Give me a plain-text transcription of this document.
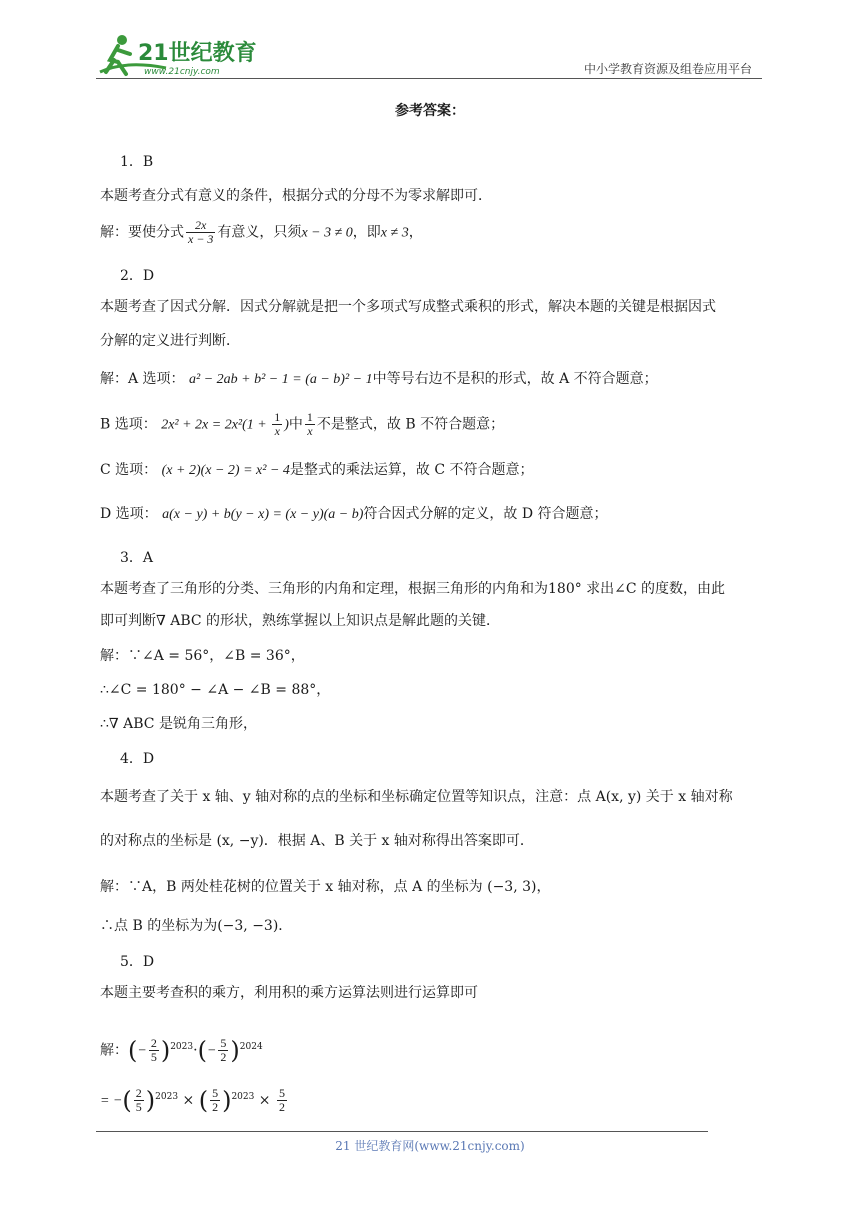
21世纪教育
www.21cnjy.com	中小学教育资源及组卷应用平台
参考答案：
1．B
本题考查分式有意义的条件，根据分式的分母不为零求解即可．
解：要使分式 $\frac{2x}{x - 3}$ 有意义，只须x − 3 ≠ 0，即x ≠ 3，
2．D
本题考查了因式分解．因式分解就是把一个多项式写成整式乘积的形式，解决本题的关键是根据因式
分解的定义进行判断．
解：A 选项： a² − 2ab + b² − 1 = (a − b)² − 1中等号右边不是积的形式，故 A 不符合题意；
B 选项： $2x^2 + 2x = 2x^2(1 + \frac{1}{x}$ )中 $\frac{1}{x}$ 不是整式，故 B 不符合题意；
C 选项： (x + 2)(x − 2) = x² − 4是整式的乘法运算，故 C 不符合题意；
D 选项： a(x − y) + b(y − x) = (x − y)(a − b)符合因式分解的定义，故 D 符合题意；
3．A
本题考查了三角形的分类、三角形的内角和定理，根据三角形的内角和为180° 求出∠C 的度数，由此
即可判断∇ ABC 的形状，熟练掌握以上知识点是解此题的关键．
解：∵∠A = 56°，∠B = 36°，
∴∠C = 180° − ∠A − ∠B = 88°，
∴∇ ABC 是锐角三角形，
4．D
本题考查了关于 x 轴、y 轴对称的点的坐标和坐标确定位置等知识点，注意：点 A(x, y) 关于 x 轴对称
的对称点的坐标是 (x, −y)．根据 A、B 关于 x 轴对称得出答案即可．
解：∵A，B 两处桂花树的位置关于 x 轴对称，点 A 的坐标为 (−3, 3)，
∴点 B 的坐标为为(−3, −3)．
5．D
本题主要考查积的乘方，利用积的乘方运算法则进行运算即可
解：(− $\frac{2}{5} )^{2023}\cdot(- \frac{5}{2} )^{2024}$
= −( $\frac{2}{5} )^{2023}$ × ( $\frac{5}{2} )^{2023} \times \frac{5}{2}$
21 世纪教育网(www.21cnjy.com)
